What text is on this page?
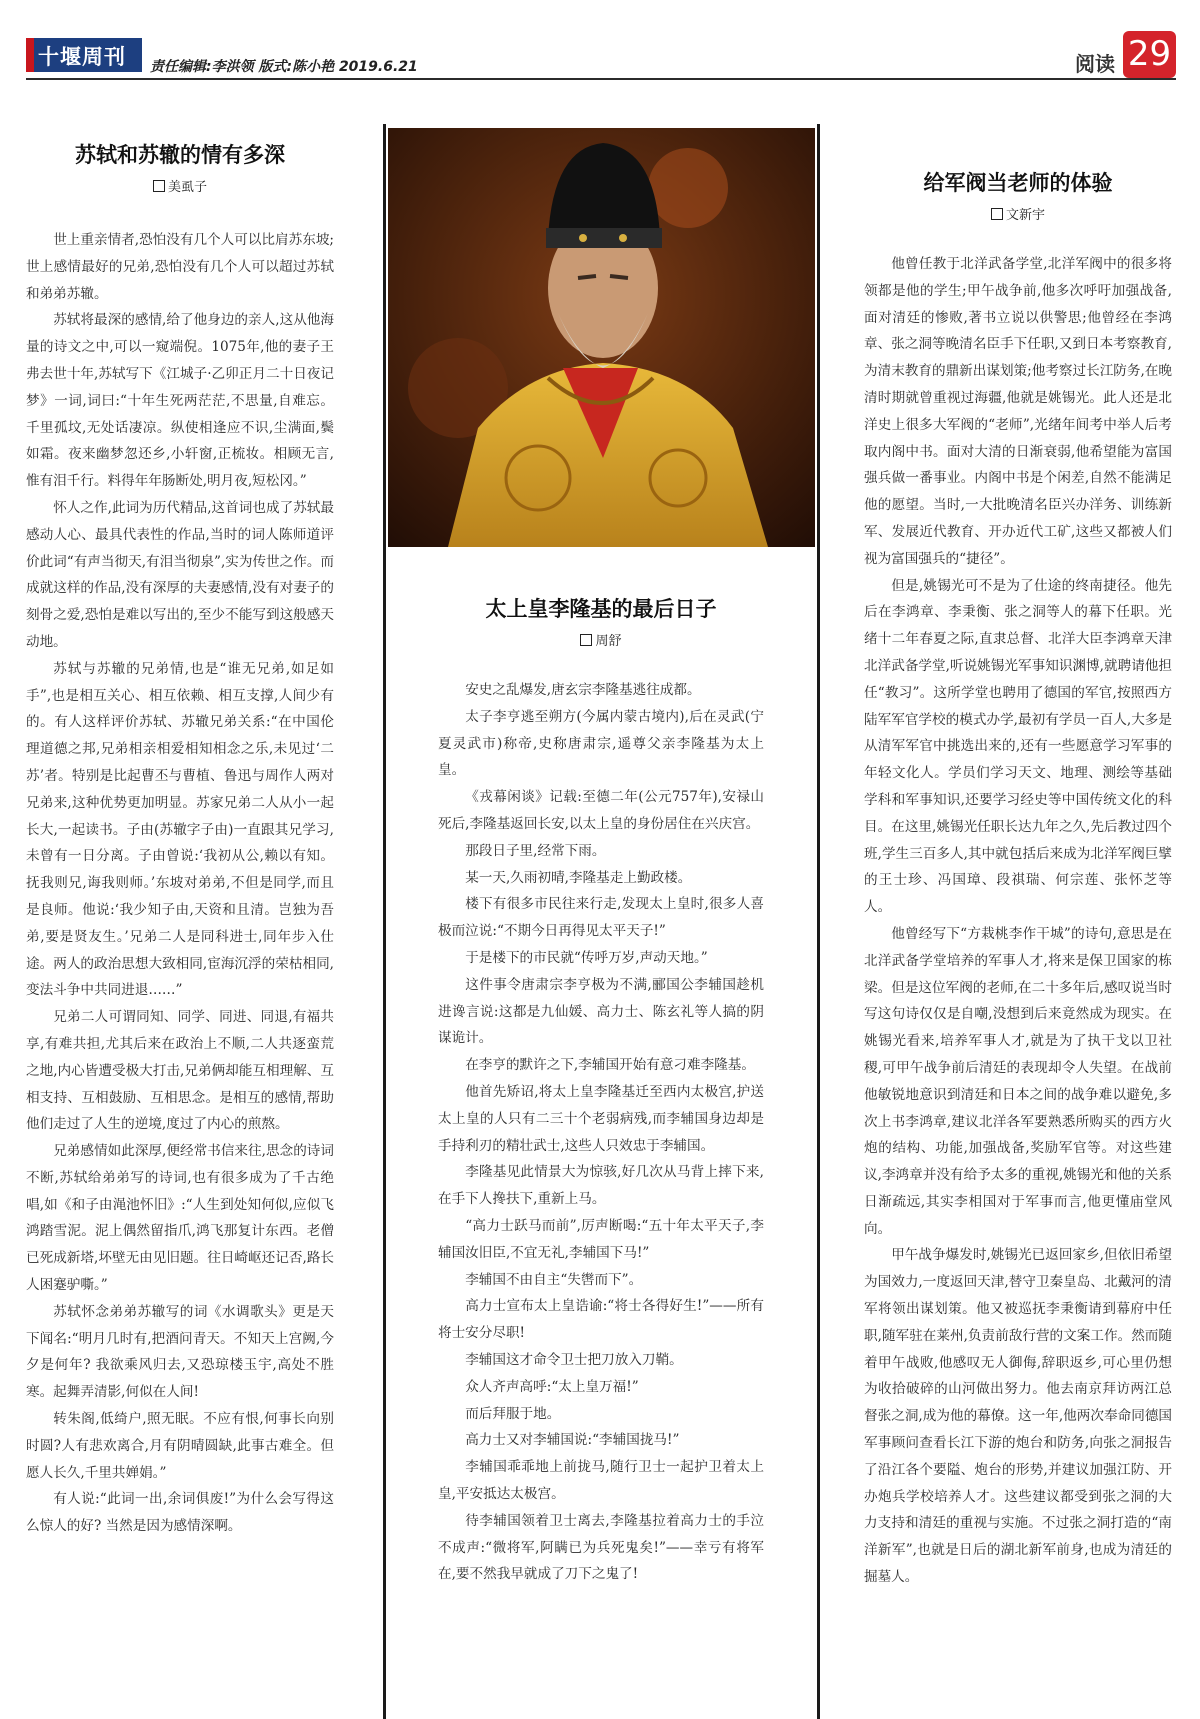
十堰周刊 责任编辑:李洪领 版式:陈小艳 2019.6.21	阅读 29
苏轼和苏辙的情有多深
美虱子

世上重亲情者,恐怕没有几个人可以比肩苏东坡;世上感情最好的兄弟,恐怕没有几个人可以超过苏轼和弟弟苏辙。

苏轼将最深的感情,给了他身边的亲人,这从他海量的诗文之中,可以一窥端倪。1075年,他的妻子王弗去世十年,苏轼写下《江城子·乙卯正月二十日夜记梦》一词,词曰:“十年生死两茫茫,不思量,自难忘。千里孤坟,无处话凄凉。纵使相逢应不识,尘满面,鬓如霜。夜来幽梦忽还乡,小轩窗,正梳妆。相顾无言,惟有泪千行。料得年年肠断处,明月夜,短松冈。”

怀人之作,此词为历代精品,这首词也成了苏轼最感动人心、最具代表性的作品,当时的词人陈师道评价此词“有声当彻天,有泪当彻泉”,实为传世之作。而成就这样的作品,没有深厚的夫妻感情,没有对妻子的刻骨之爱,恐怕是难以写出的,至少不能写到这般感天动地。

苏轼与苏辙的兄弟情,也是“谁无兄弟,如足如手”,也是相互关心、相互依赖、相互支撑,人间少有的。有人这样评价苏轼、苏辙兄弟关系:“在中国伦理道德之邦,兄弟相亲相爱相知相念之乐,未见过‘二苏’者。特别是比起曹丕与曹植、鲁迅与周作人两对兄弟来,这种优势更加明显。苏家兄弟二人从小一起长大,一起读书。子由(苏辙字子由)一直跟其兄学习,未曾有一日分离。子由曾说:‘我初从公,赖以有知。抚我则兄,诲我则师。’东坡对弟弟,不但是同学,而且是良师。他说:‘我少知子由,天资和且清。岂独为吾弟,要是贤友生。’兄弟二人是同科进士,同年步入仕途。两人的政治思想大致相同,宦海沉浮的荣枯相同,变法斗争中共同进退……”

兄弟二人可谓同知、同学、同进、同退,有福共享,有难共担,尤其后来在政治上不顺,二人共逐蛮荒之地,内心皆遭受极大打击,兄弟俩却能互相理解、互相支持、互相鼓励、互相思念。是相互的感情,帮助他们走过了人生的逆境,度过了内心的煎熬。

兄弟感情如此深厚,便经常书信来往,思念的诗词不断,苏轼给弟弟写的诗词,也有很多成为了千古绝唱,如《和子由渑池怀旧》:“人生到处知何似,应似飞鸿踏雪泥。泥上偶然留指爪,鸿飞那复计东西。老僧已死成新塔,坏壁无由见旧题。往日崎岖还记否,路长人困蹇驴嘶。”

苏轼怀念弟弟苏辙写的词《水调歌头》更是天下闻名:“明月几时有,把酒问青天。不知天上宫阙,今夕是何年? 我欲乘风归去,又恐琼楼玉宇,高处不胜寒。起舞弄清影,何似在人间!

转朱阁,低绮户,照无眠。不应有恨,何事长向别时圆?人有悲欢离合,月有阴晴圆缺,此事古难全。但愿人长久,千里共婵娟。”

有人说:“此词一出,余词俱废!”为什么会写得这么惊人的好? 当然是因为感情深啊。

太上皇李隆基的最后日子
周舒

安史之乱爆发,唐玄宗李隆基逃往成都。

太子李亨逃至朔方(今属内蒙古境内),后在灵武(宁夏灵武市)称帝,史称唐肃宗,遥尊父亲李隆基为太上皇。

《戎幕闲谈》记载:至德二年(公元757年),安禄山死后,李隆基返回长安,以太上皇的身份居住在兴庆宫。

那段日子里,经常下雨。

某一天,久雨初晴,李隆基走上勤政楼。

楼下有很多市民往来行走,发现太上皇时,很多人喜极而泣说:“不期今日再得见太平天子!”

于是楼下的市民就“传呼万岁,声动天地。”

这件事令唐肃宗李亨极为不满,郦国公李辅国趁机进谗言说:这都是九仙媛、高力士、陈玄礼等人搞的阴谋诡计。

在李亨的默许之下,李辅国开始有意刁难李隆基。

他首先矫诏,将太上皇李隆基迁至西内太极宫,护送太上皇的人只有二三十个老弱病残,而李辅国身边却是手持利刃的精壮武士,这些人只效忠于李辅国。

李隆基见此情景大为惊骇,好几次从马背上摔下来,在手下人搀扶下,重新上马。

“高力士跃马而前”,厉声断喝:“五十年太平天子,李辅国汝旧臣,不宜无礼,李辅国下马!”

李辅国不由自主“失辔而下”。

高力士宣布太上皇诰谕:“将士各得好生!”——所有将士安分尽职!

李辅国这才命令卫士把刀放入刀鞘。

众人齐声高呼:“太上皇万福!”

而后拜服于地。

高力士又对李辅国说:“李辅国拢马!”

李辅国乖乖地上前拢马,随行卫士一起护卫着太上皇,平安抵达太极宫。

待李辅国领着卫士离去,李隆基拉着高力士的手泣不成声:“微将军,阿瞒已为兵死鬼矣!”——幸亏有将军在,要不然我早就成了刀下之鬼了!

给军阀当老师的体验
文新宇

他曾任教于北洋武备学堂,北洋军阀中的很多将领都是他的学生;甲午战争前,他多次呼吁加强战备,面对清廷的惨败,著书立说以供警思;他曾经在李鸿章、张之洞等晚清名臣手下任职,又到日本考察教育,为清末教育的鼎新出谋划策;他考察过长江防务,在晚清时期就曾重视过海疆,他就是姚锡光。此人还是北洋史上很多大军阀的“老师”,光绪年间考中举人后考取内阁中书。面对大清的日渐衰弱,他希望能为富国强兵做一番事业。内阁中书是个闲差,自然不能满足他的愿望。当时,一大批晚清名臣兴办洋务、训练新军、发展近代教育、开办近代工矿,这些又都被人们视为富国强兵的“捷径”。

但是,姚锡光可不是为了仕途的终南捷径。他先后在李鸿章、李秉衡、张之洞等人的幕下任职。光绪十二年春夏之际,直隶总督、北洋大臣李鸿章天津北洋武备学堂,听说姚锡光军事知识渊博,就聘请他担任“教习”。这所学堂也聘用了德国的军官,按照西方陆军军官学校的模式办学,最初有学员一百人,大多是从清军军官中挑选出来的,还有一些愿意学习军事的年轻文化人。学员们学习天文、地理、测绘等基础学科和军事知识,还要学习经史等中国传统文化的科目。在这里,姚锡光任职长达九年之久,先后教过四个班,学生三百多人,其中就包括后来成为北洋军阀巨擘的王士珍、冯国璋、段祺瑞、何宗莲、张怀芝等人。

他曾经写下“方栽桃李作干城”的诗句,意思是在北洋武备学堂培养的军事人才,将来是保卫国家的栋梁。但是这位军阀的老师,在二十多年后,感叹说当时写这句诗仅仅是自嘲,没想到后来竟然成为现实。在姚锡光看来,培养军事人才,就是为了执干戈以卫社稷,可甲午战争前后清廷的表现却令人失望。在战前他敏锐地意识到清廷和日本之间的战争难以避免,多次上书李鸿章,建议北洋各军要熟悉所购买的西方火炮的结构、功能,加强战备,奖励军官等。对这些建议,李鸿章并没有给予太多的重视,姚锡光和他的关系日渐疏远,其实李相国对于军事而言,他更懂庙堂风向。

甲午战争爆发时,姚锡光已返回家乡,但依旧希望为国效力,一度返回天津,替守卫秦皇岛、北戴河的清军将领出谋划策。他又被巡抚李秉衡请到幕府中任职,随军驻在莱州,负责前敌行营的文案工作。然而随着甲午战败,他感叹无人御侮,辞职返乡,可心里仍想为收拾破碎的山河做出努力。他去南京拜访两江总督张之洞,成为他的幕僚。这一年,他两次奉命同德国军事顾问查看长江下游的炮台和防务,向张之洞报告了沿江各个要隘、炮台的形势,并建议加强江防、开办炮兵学校培养人才。这些建议都受到张之洞的大力支持和清廷的重视与实施。不过张之洞打造的“南洋新军”,也就是日后的湖北新军前身,也成为清廷的掘墓人。
